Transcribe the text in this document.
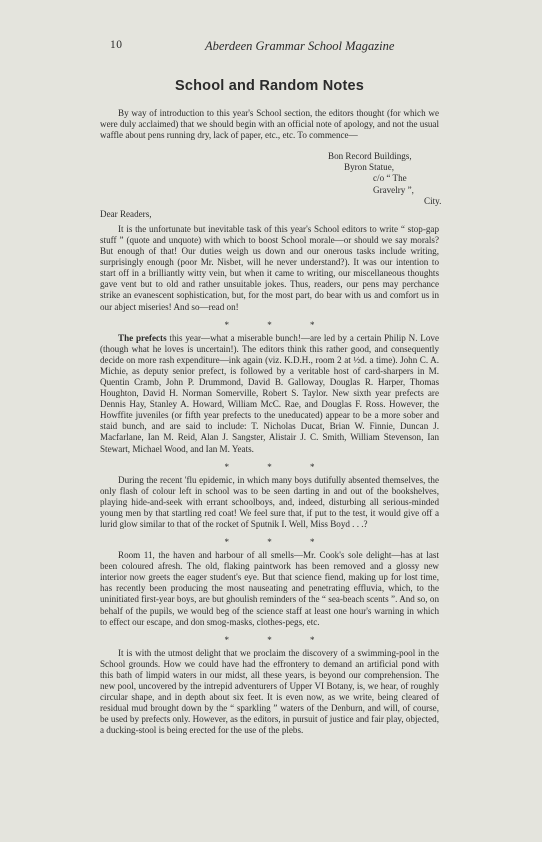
10	Aberdeen Grammar School Magazine
School and Random Notes

By way of introduction to this year's School section, the editors thought (for which we were duly acclaimed) that we should begin with an official note of apology, and not the usual waffle about pens running dry, lack of paper, etc., etc. To commence—

Bon Record Buildings,
Byron Statue,
c/o “ The Gravelry ”,
City.
Dear Readers,

It is the unfortunate but inevitable task of this year's School editors to write “ stop-gap stuff ” (quote and unquote) with which to boost School morale—or should we say morals? But enough of that! Our duties weigh us down and our onerous tasks include writing, surprisingly enough (poor Mr. Nisbet, will he never understand?). It was our intention to start off in a brilliantly witty vein, but when it came to writing, our miscellaneous thoughts gave vent but to old and rather unsuitable jokes. Thus, readers, our pens may perchance strike an evanescent sophistication, but, for the most part, do bear with us and comfort us in our abject miseries! And so—read on!

* * *

The prefects this year—what a miserable bunch!—are led by a certain Philip N. Love (though what he loves is uncertain!). The editors think this rather good, and consequently decide on more rash expenditure—ink again (viz. K.D.H., room 2 at ½d. a time). John C. A. Michie, as deputy senior prefect, is followed by a veritable host of card-sharpers in M. Quentin Cramb, John P. Drummond, David B. Galloway, Douglas R. Harper, Thomas Houghton, David H. Norman Somerville, Robert S. Taylor. New sixth year prefects are Dennis Hay, Stanley A. Howard, William McC. Rae, and Douglas F. Ross. However, the Howffite juveniles (or fifth year prefects to the uneducated) appear to be a more sober and staid bunch, and are said to include: T. Nicholas Ducat, Brian W. Finnie, Duncan J. Macfarlane, Ian M. Reid, Alan J. Sangster, Alistair J. C. Smith, William Stevenson, Ian Stewart, Michael Wood, and Ian M. Yeats.

* * *

During the recent 'flu epidemic, in which many boys dutifully absented themselves, the only flash of colour left in school was to be seen darting in and out of the bookshelves, playing hide-and-seek with errant schoolboys, and, indeed, disturbing all serious-minded young men by that startling red coat! We feel sure that, if put to the test, it would give off a lurid glow similar to that of the rocket of Sputnik I. Well, Miss Boyd . . .?

* * *

Room 11, the haven and harbour of all smells—Mr. Cook's sole delight—has at last been coloured afresh. The old, flaking paintwork has been removed and a glossy new interior now greets the eager student's eye. But that science fiend, making up for lost time, has recently been producing the most nauseating and penetrating effluvia, which, to the uninitiated first-year boys, are but ghoulish reminders of the “ sea-beach scents ”. And so, on behalf of the pupils, we would beg of the science staff at least one hour's warning in which to effect our escape, and don smog-masks, clothes-pegs, etc.

* * *

It is with the utmost delight that we proclaim the discovery of a swimming-pool in the School grounds. How we could have had the effrontery to demand an artificial pond with this bath of limpid waters in our midst, all these years, is beyond our comprehension. The new pool, uncovered by the intrepid adventurers of Upper VI Botany, is, we hear, of roughly circular shape, and in depth about six feet. It is even now, as we write, being cleared of residual mud brought down by the “ sparkling ” waters of the Denburn, and will, of course, be used by prefects only. However, as the editors, in pursuit of justice and fair play, objected, a ducking-stool is being erected for the use of the plebs.
